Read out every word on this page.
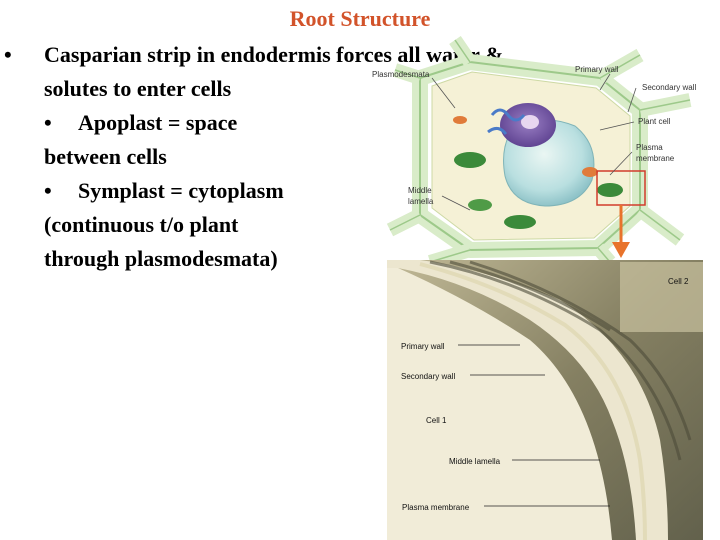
Root Structure
• Casparian strip in endodermis forces all water &
solutes to enter cells
• Apoplast = space
between cells
• Symplast = cytoplasm
(continuous t/o plant
through plasmodesmata)
Plasmodesmata
Primary wall
Secondary wall
Plant cell
Plasma
membrane
Middle
lamella
Cell 2
Primary wall
Secondary wall
Cell 1
Middle lamella
Plasma membrane
